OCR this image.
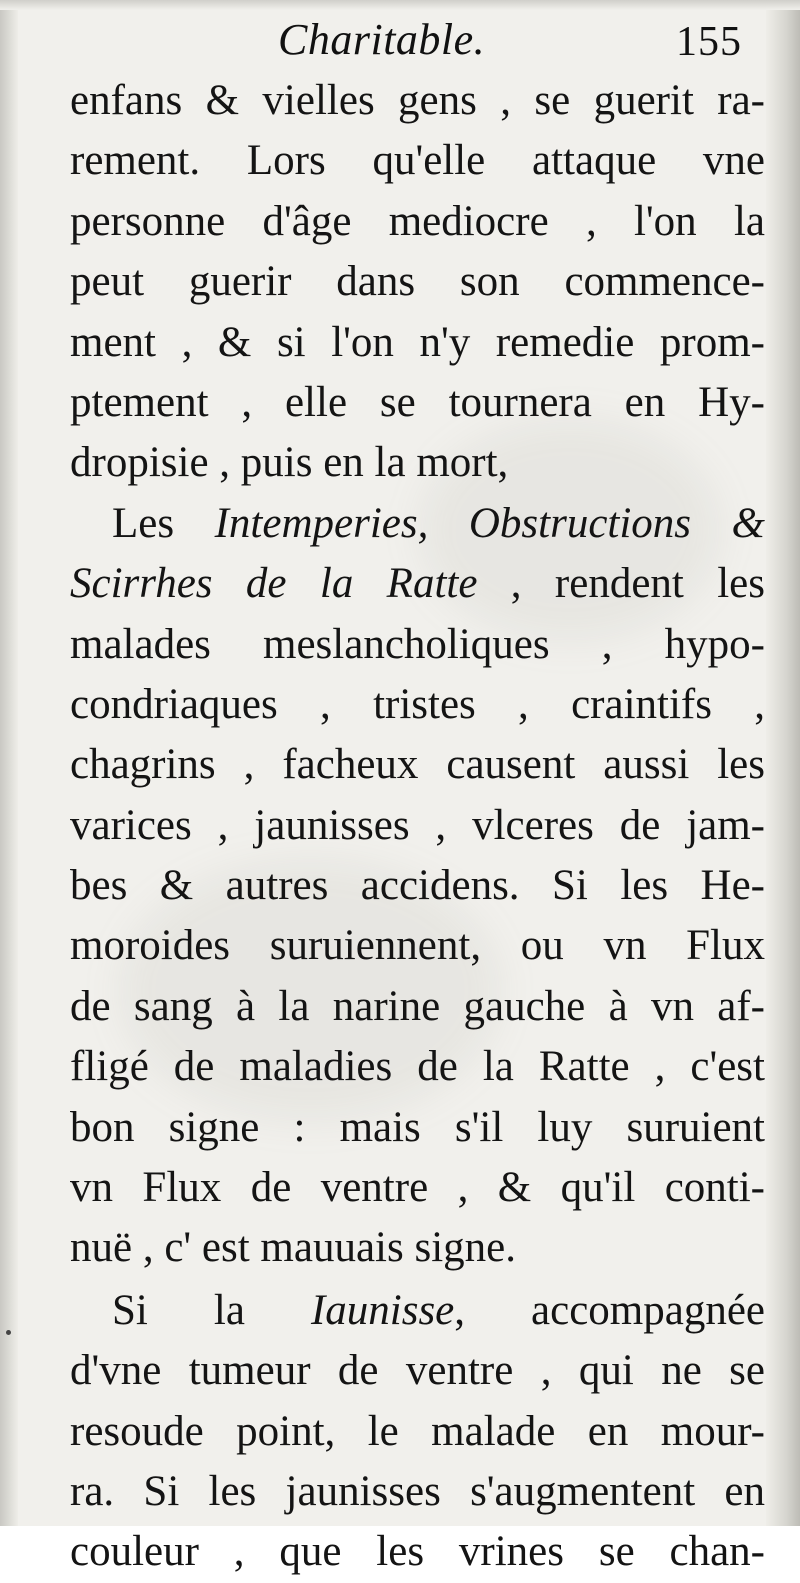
Charitable.	155
enfans & vielles gens , se guerit ra-
rement. Lors qu'elle attaque vne
personne d'âge mediocre , l'on la
peut guerir dans son commence-
ment , & si l'on n'y remedie prom-
ptement , elle se tournera en Hy-
dropisie , puis en la mort,
Les Intemperies, Obstructions &
Scirrhes de la Ratte , rendent les
malades meslancholiques , hypo-
condriaques , tristes , craintifs ,
chagrins , facheux causent aussi les
varices , jaunisses , vlceres de jam-
bes & autres accidens. Si les He-
moroides suruiennent, ou vn Flux
de sang à la narine gauche à vn af-
fligé de maladies de la Ratte , c'est
bon signe : mais s'il luy suruient
vn Flux de ventre , & qu'il conti-
nuë , c' est mauuais signe.
Si la Iaunisse, accompagnée
d'vne tumeur de ventre , qui ne se
resoude point, le malade en mour-
ra. Si les jaunisses s'augmentent en
couleur , que les vrines se chan-
